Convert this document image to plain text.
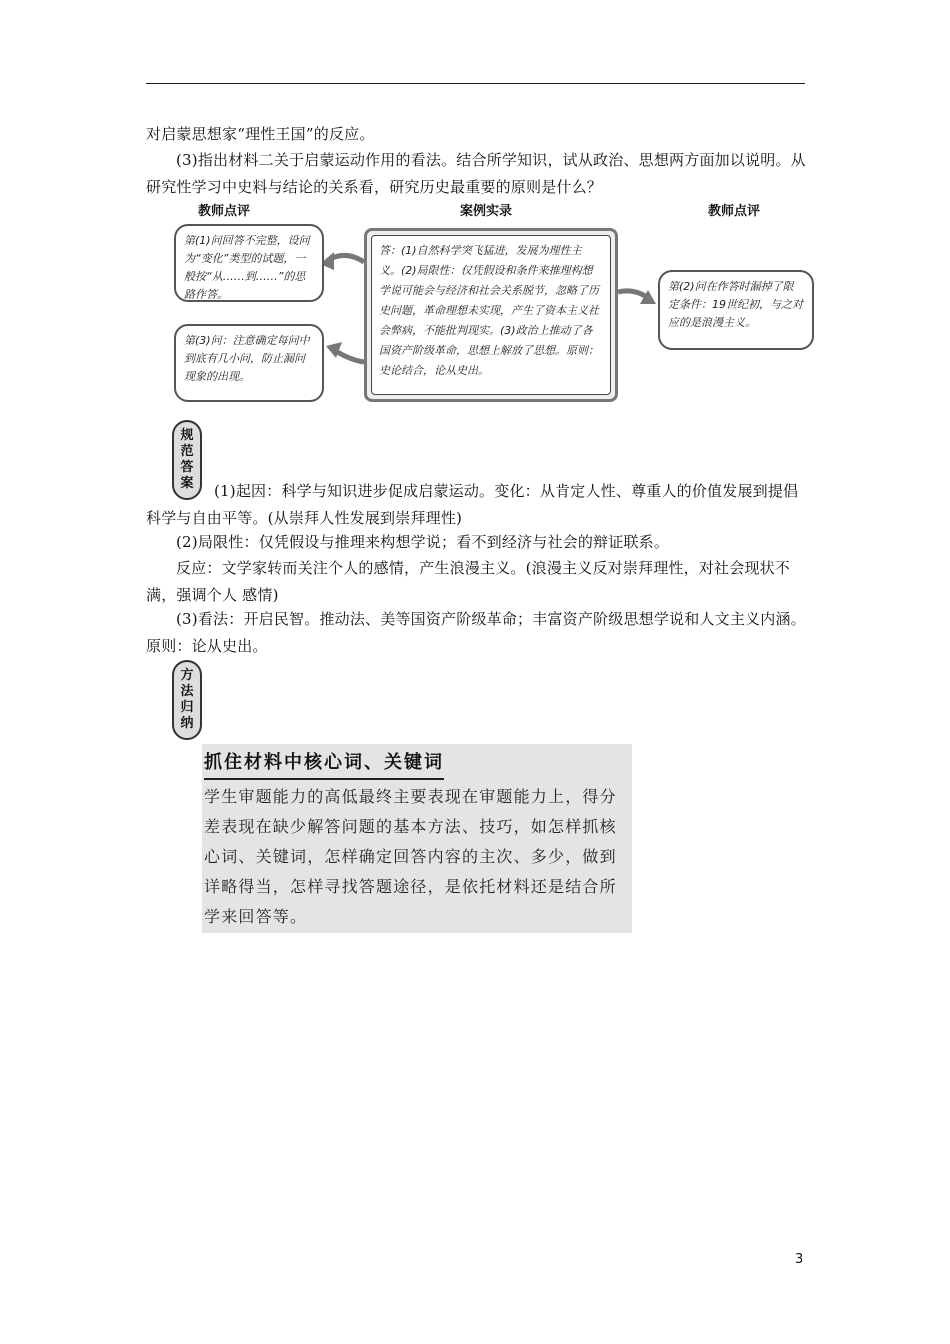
对启蒙思想家“理性王国”的反应。
(3)指出材料二关于启蒙运动作用的看法。结合所学知识，试从政治、思想两方面加以说明。从研究性学习中史料与结论的关系看，研究历史最重要的原则是什么？
教师点评	案例实录	教师点评
第(1)问回答不完整，设问为“变化”类型的试题，一般按“从……到……”的思路作答。
第(3)问：注意确定每问中到底有几小问，防止漏问现象的出现。
答：(1)自然科学突飞猛进，发展为理性主义。(2)局限性：仅凭假设和条件来推理构想学说可能会与经济和社会关系脱节，忽略了历史问题，革命理想未实现，产生了资本主义社会弊病，不能批判现实。(3)政治上推动了各国资产阶级革命，思想上解放了思想。原则：史论结合，论从史出。
第(2)问在作答时漏掉了限定条件：19世纪初，与之对应的是浪漫主义。
规
范
答
案	(1)起因：科学与知识进步促成启蒙运动。变化：从肯定人性、尊重人的价值发展到提倡科学与自由平等。(从崇拜人性发展到崇拜理性)
(2)局限性：仅凭假设与推理来构想学说；看不到经济与社会的辩证联系。
反应：文学家转而关注个人的感情，产生浪漫主义。(浪漫主义反对崇拜理性，对社会现状不满，强调个人 感情)
(3)看法：开启民智。推动法、美等国资产阶级革命；丰富资产阶级思想学说和人文主义内涵。原则：论从史出。
方
法
归
纳
抓住材料中核心词、关键词
学生审题能力的高低最终主要表现在审题能力上，得分差表现在缺少解答问题的基本方法、技巧，如怎样抓核心词、关键词，怎样确定回答内容的主次、多少，做到详略得当，怎样寻找答题途径，是依托材料还是结合所学来回答等。
3
